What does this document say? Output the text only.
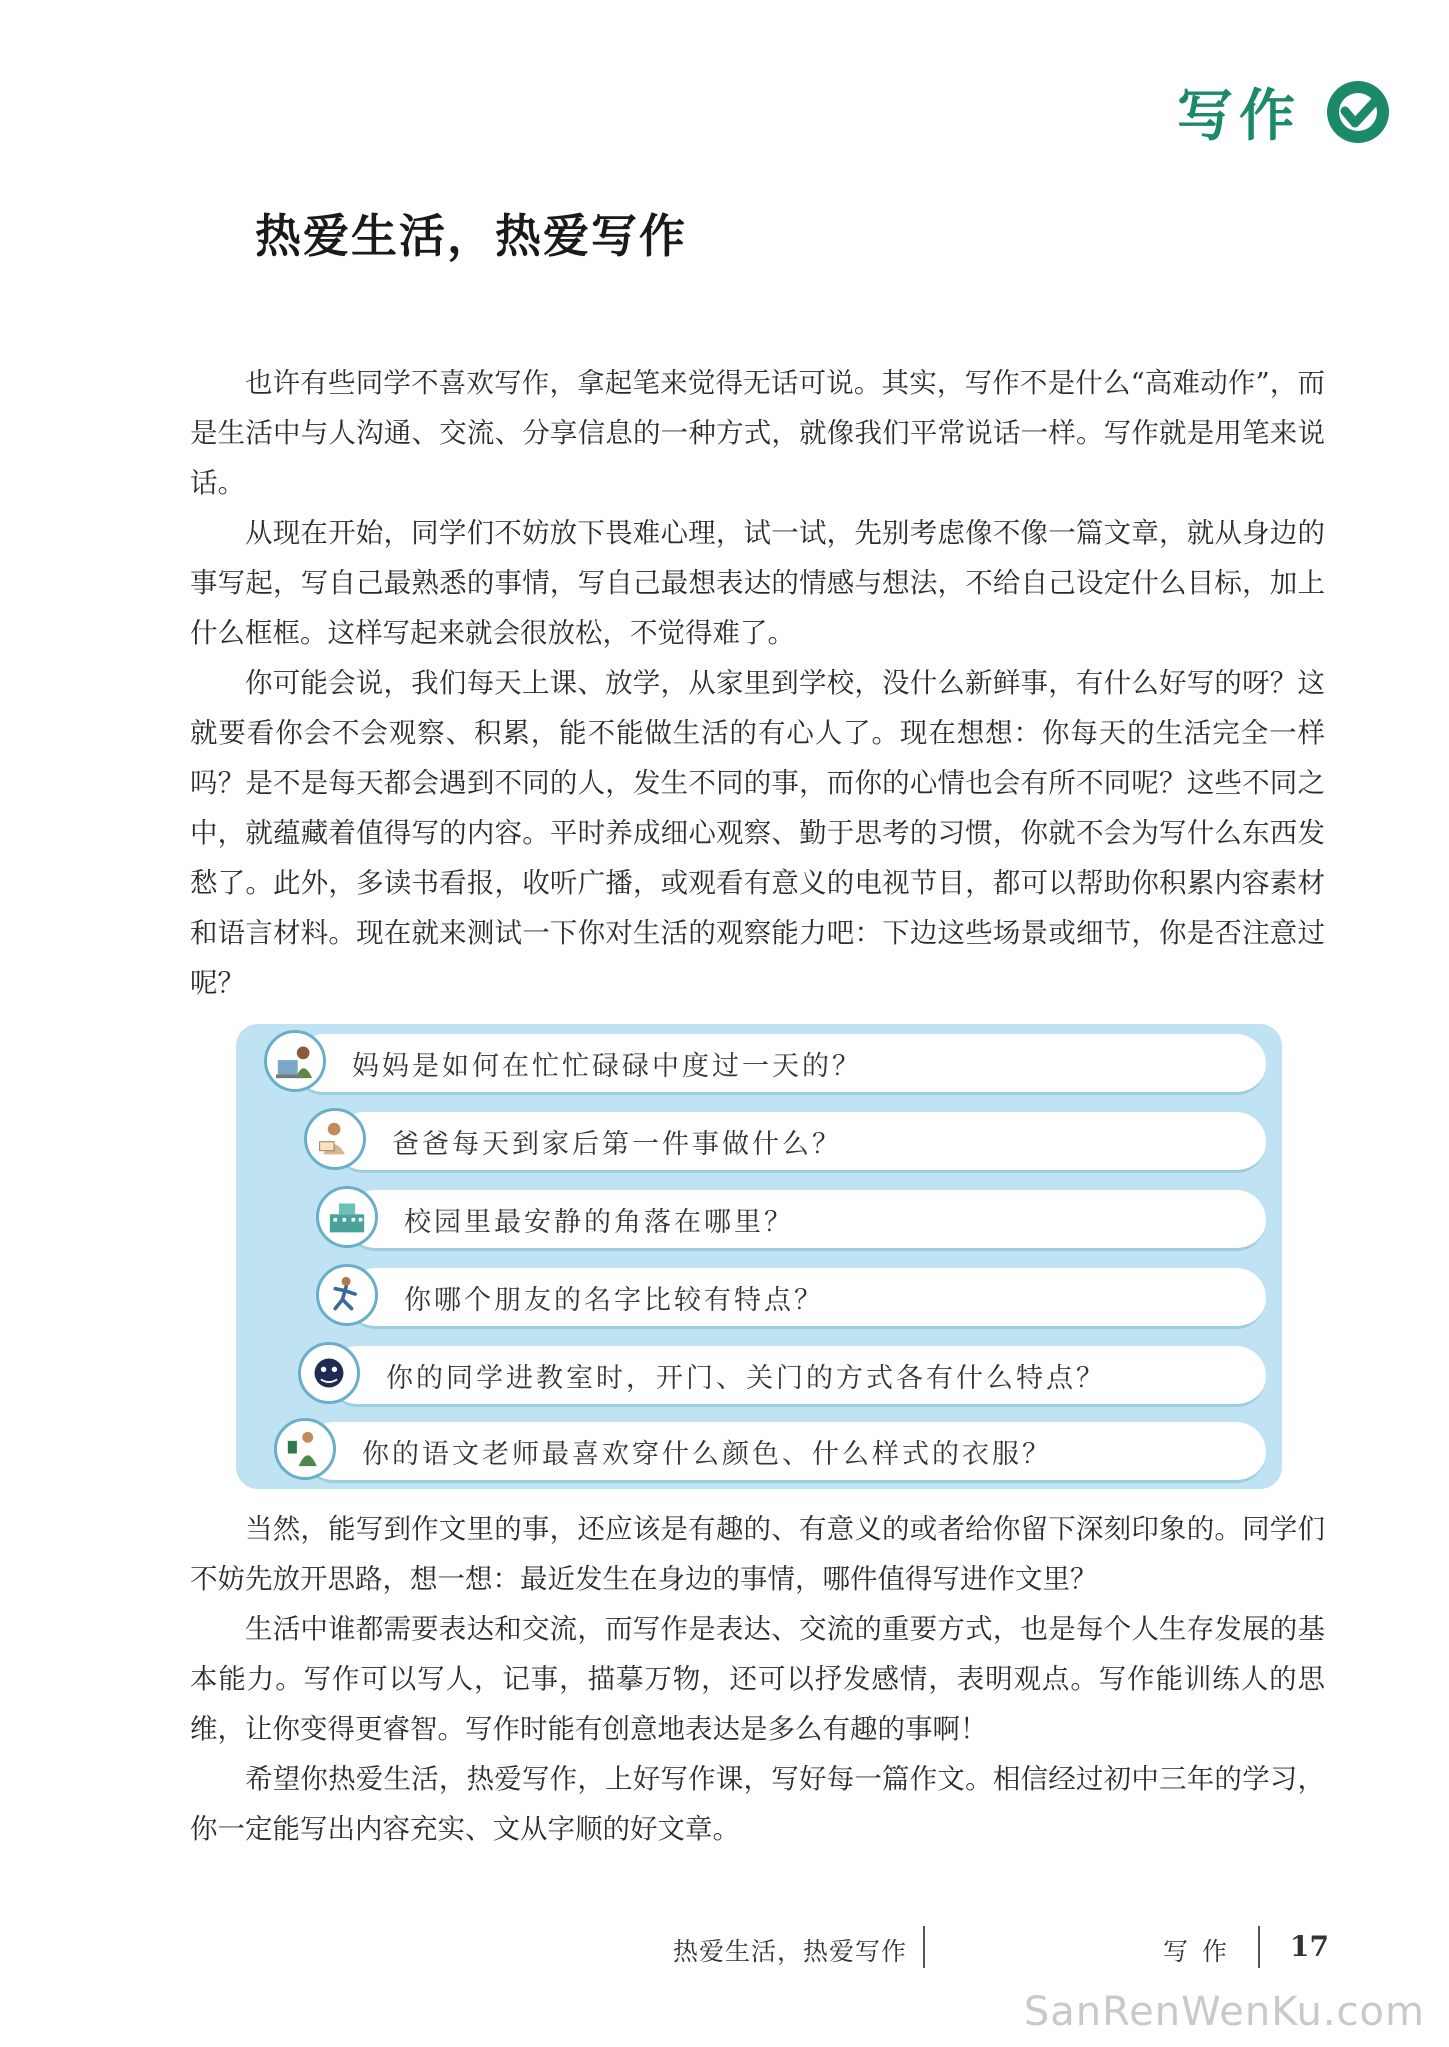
写作
热爱生活，热爱写作

也许有些同学不喜欢写作，拿起笔来觉得无话可说。其实，写作不是什么“高难动作”，而是生活中与人沟通、交流、分享信息的一种方式，就像我们平常说话一样。写作就是用笔来说话。

从现在开始，同学们不妨放下畏难心理，试一试，先别考虑像不像一篇文章，就从身边的事写起，写自己最熟悉的事情，写自己最想表达的情感与想法，不给自己设定什么目标，加上什么框框。这样写起来就会很放松，不觉得难了。

你可能会说，我们每天上课、放学，从家里到学校，没什么新鲜事，有什么好写的呀？这就要看你会不会观察、积累，能不能做生活的有心人了。现在想想：你每天的生活完全一样吗？是不是每天都会遇到不同的人，发生不同的事，而你的心情也会有所不同呢？这些不同之中，就蕴藏着值得写的内容。平时养成细心观察、勤于思考的习惯，你就不会为写什么东西发愁了。此外，多读书看报，收听广播，或观看有意义的电视节目，都可以帮助你积累内容素材和语言材料。现在就来测试一下你对生活的观察能力吧：下边这些场景或细节，你是否注意过呢？

妈妈是如何在忙忙碌碌中度过一天的？
爸爸每天到家后第一件事做什么？
校园里最安静的角落在哪里？
你哪个朋友的名字比较有特点？
你的同学进教室时，开门、关门的方式各有什么特点？
你的语文老师最喜欢穿什么颜色、什么样式的衣服？

当然，能写到作文里的事，还应该是有趣的、有意义的或者给你留下深刻印象的。同学们不妨先放开思路，想一想：最近发生在身边的事情，哪件值得写进作文里？

生活中谁都需要表达和交流，而写作是表达、交流的重要方式，也是每个人生存发展的基本能力。写作可以写人，记事，描摹万物，还可以抒发感情，表明观点。写作能训练人的思维，让你变得更睿智。写作时能有创意地表达是多么有趣的事啊！

希望你热爱生活，热爱写作，上好写作课，写好每一篇作文。相信经过初中三年的学习，你一定能写出内容充实、文从字顺的好文章。

热爱生活，热爱写作	写作 17
SanRenWenKu.com
